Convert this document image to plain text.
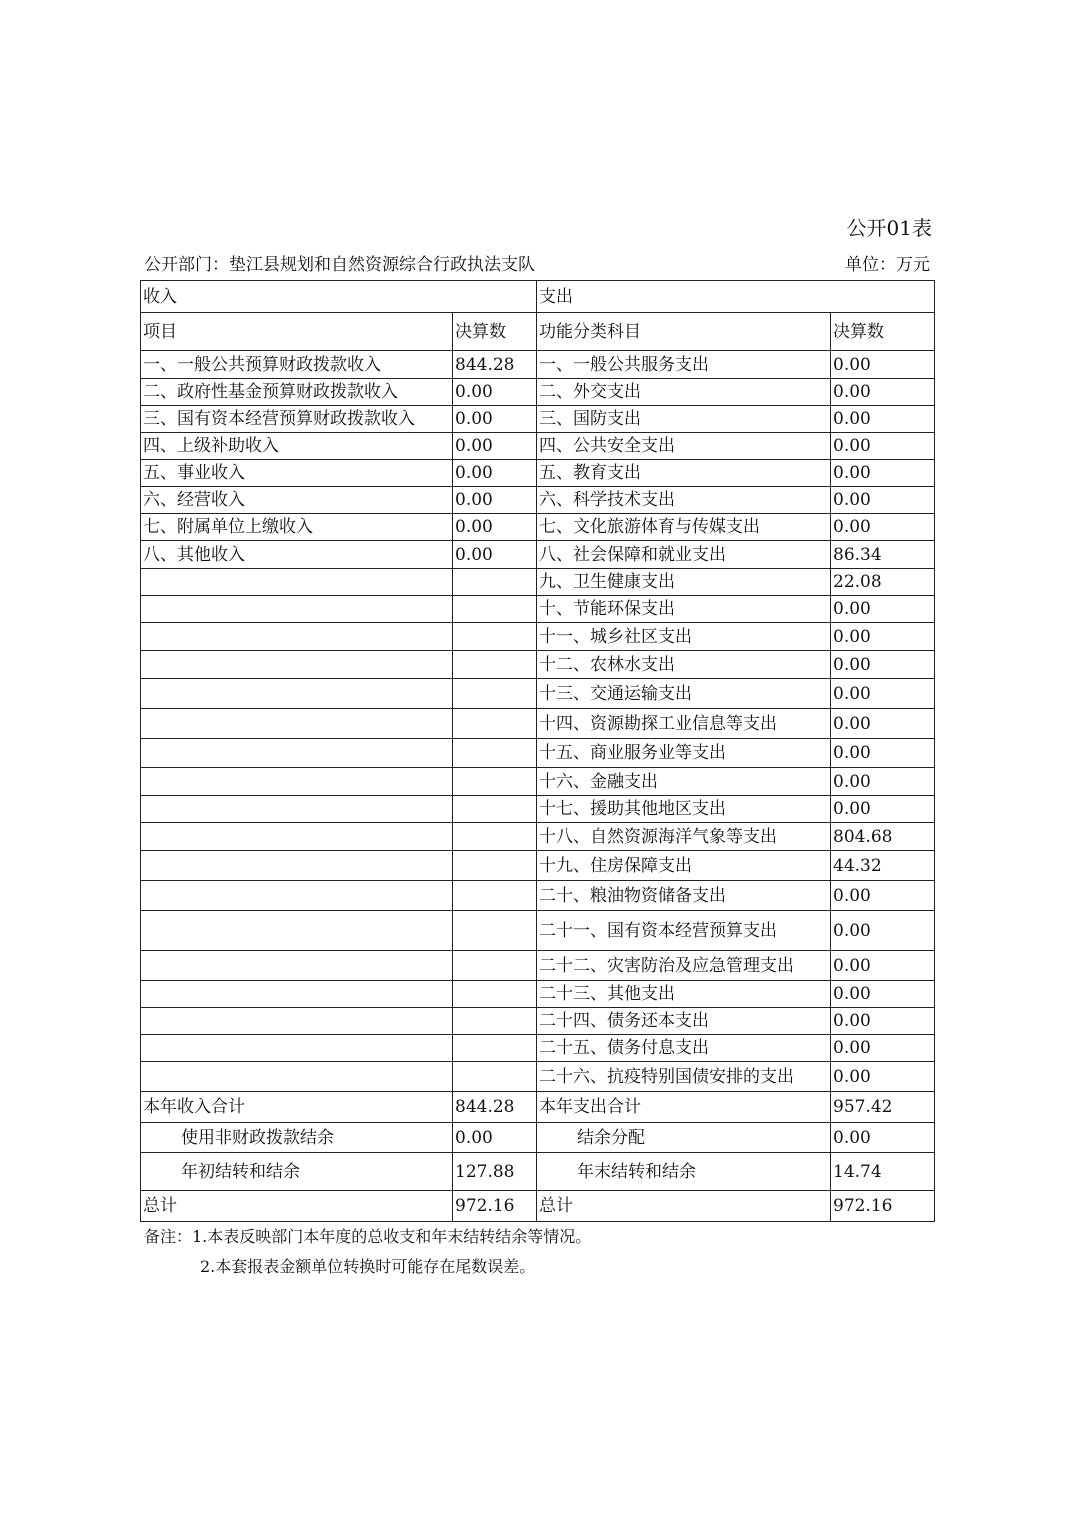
公开01表
公开部门：垫江县规划和自然资源综合行政执法支队	单位：万元
收入		支出	
项目	决算数	功能分类科目	决算数
一、一般公共预算财政拨款收入	844.28	一、一般公共服务支出	0.00
二、政府性基金预算财政拨款收入	0.00	二、外交支出	0.00
三、国有资本经营预算财政拨款收入	0.00	三、国防支出	0.00
四、上级补助收入	0.00	四、公共安全支出	0.00
五、事业收入	0.00	五、教育支出	0.00
六、经营收入	0.00	六、科学技术支出	0.00
七、附属单位上缴收入	0.00	七、文化旅游体育与传媒支出	0.00
八、其他收入	0.00	八、社会保障和就业支出	86.34
		九、卫生健康支出	22.08
		十、节能环保支出	0.00
		十一、城乡社区支出	0.00
		十二、农林水支出	0.00
		十三、交通运输支出	0.00
		十四、资源勘探工业信息等支出	0.00
		十五、商业服务业等支出	0.00
		十六、金融支出	0.00
		十七、援助其他地区支出	0.00
		十八、自然资源海洋气象等支出	804.68
		十九、住房保障支出	44.32
		二十、粮油物资储备支出	0.00
		二十一、国有资本经营预算支出	0.00
		二十二、灾害防治及应急管理支出	0.00
		二十三、其他支出	0.00
		二十四、债务还本支出	0.00
		二十五、债务付息支出	0.00
		二十六、抗疫特别国债安排的支出	0.00
本年收入合计	844.28	本年支出合计	957.42
使用非财政拨款结余	0.00	结余分配	0.00
年初结转和结余	127.88	年末结转和结余	14.74
总计	972.16	总计	972.16
备注：1.本表反映部门本年度的总收支和年末结转结余等情况。
2.本套报表金额单位转换时可能存在尾数误差。
